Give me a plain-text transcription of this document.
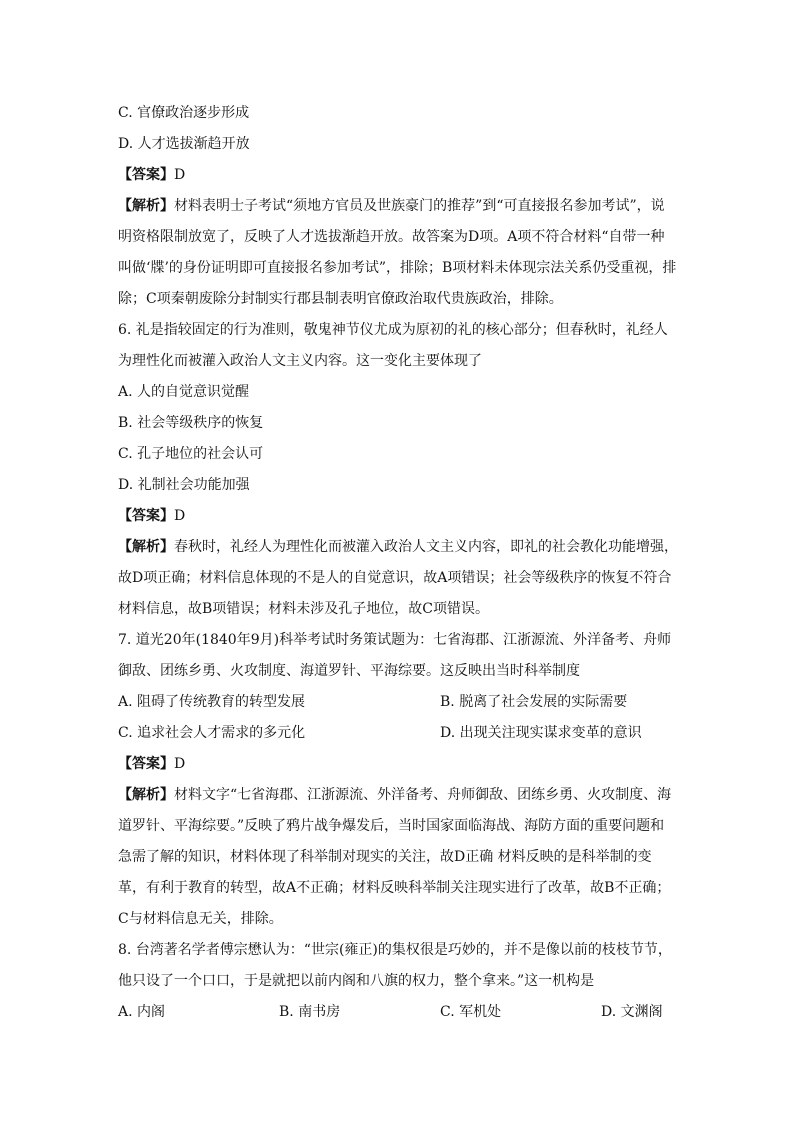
C. 官僚政治逐步形成
D. 人才选拔渐趋开放
【答案】D
【解析】材料表明士子考试“须地方官员及世族豪门的推荐”到“可直接报名参加考试”，说明资格限制放宽了，反映了人才选拔渐趋开放。故答案为D项。A项不符合材料“自带一种叫做‘牒’的身份证明即可直接报名参加考试”，排除；B项材料未体现宗法关系仍受重视，排除；C项秦朝废除分封制实行郡县制表明官僚政治取代贵族政治，排除。
6. 礼是指较固定的行为准则，敬鬼神节仪尤成为原初的礼的核心部分；但春秋时，礼经人为理性化而被灌入政治人文主义内容。这一变化主要体现了
A. 人的自觉意识觉醒
B. 社会等级秩序的恢复
C. 孔子地位的社会认可
D. 礼制社会功能加强
【答案】D
【解析】春秋时，礼经人为理性化而被灌入政治人文主义内容，即礼的社会教化功能增强，故D项正确；材料信息体现的不是人的自觉意识，故A项错误；社会等级秩序的恢复不符合材料信息，故B项错误；材料未涉及孔子地位，故C项错误。
7. 道光20年(1840年9月)科举考试时务策试题为：七省海郡、江浙源流、外洋备考、舟师御敌、团练乡勇、火攻制度、海道罗针、平海综要。这反映出当时科举制度
A. 阻碍了传统教育的转型发展	B. 脱离了社会发展的实际需要
C. 追求社会人才需求的多元化	D. 出现关注现实谋求变革的意识
【答案】D
【解析】材料文字“七省海郡、江浙源流、外洋备考、舟师御敌、团练乡勇、火攻制度、海道罗针、平海综要。”反映了鸦片战争爆发后，当时国家面临海战、海防方面的重要问题和急需了解的知识，材料体现了科举制对现实的关注，故D正确 材料反映的是科举制的变革，有利于教育的转型，故A不正确；材料反映科举制关注现实进行了改革，故B不正确；C与材料信息无关，排除。
8. 台湾著名学者傅宗懋认为：“世宗(雍正)的集权很是巧妙的，并不是像以前的枝枝节节，他只设了一个口口，于是就把以前内阁和八旗的权力，整个拿来。”这一机构是
A. 内阁	B. 南书房	C. 军机处	D. 文渊阁
